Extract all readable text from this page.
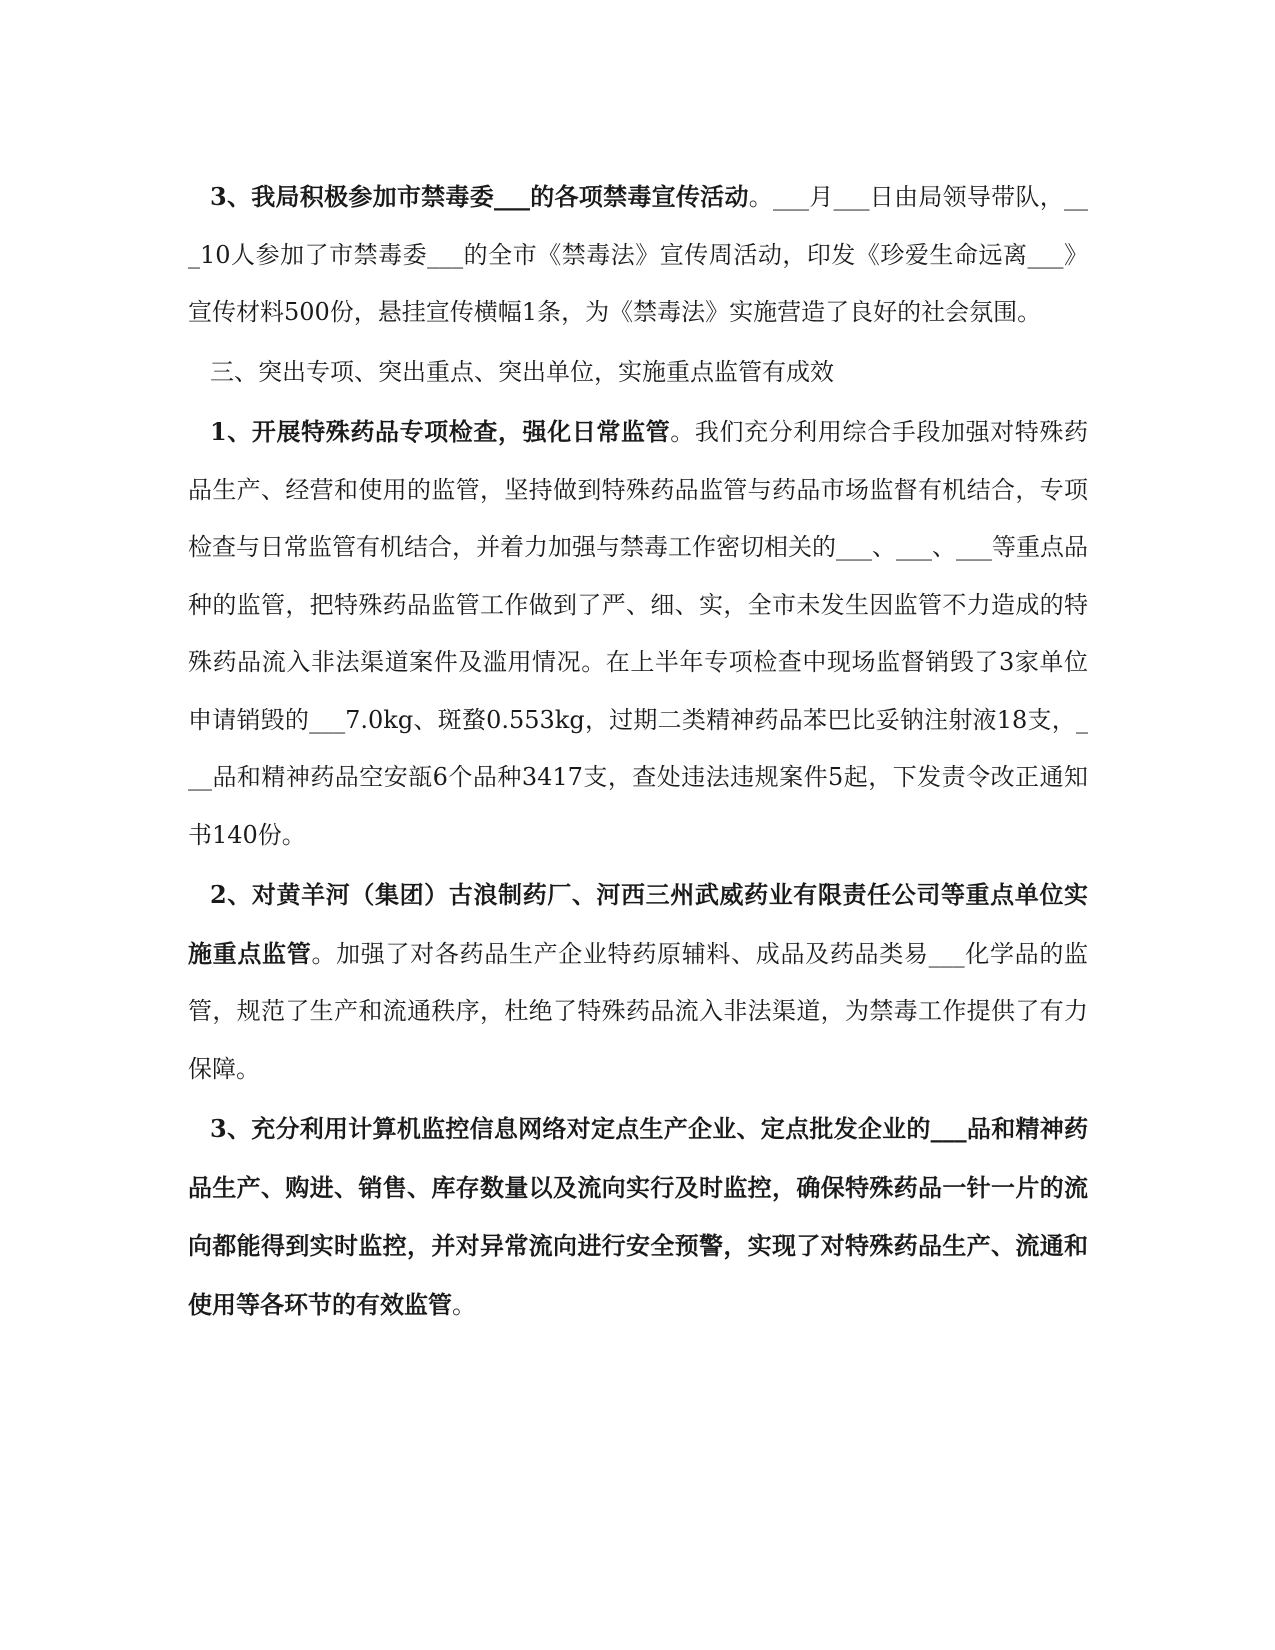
3、我局积极参加市禁毒委___的各项禁毒宣传活动。___月___日由局领导带队，___10人参加了市禁毒委___的全市《禁毒法》宣传周活动，印发《珍爱生命远离___》宣传材料500份，悬挂宣传横幅1条，为《禁毒法》实施营造了良好的社会氛围。

三、突出专项、突出重点、突出单位，实施重点监管有成效

1、开展特殊药品专项检查，强化日常监管。我们充分利用综合手段加强对特殊药品生产、经营和使用的监管，坚持做到特殊药品监管与药品市场监督有机结合，专项检查与日常监管有机结合，并着力加强与禁毒工作密切相关的___、___、___等重点品种的监管，把特殊药品监管工作做到了严、细、实，全市未发生因监管不力造成的特殊药品流入非法渠道案件及滥用情况。在上半年专项检查中现场监督销毁了3家单位申请销毁的___7.0kg、斑蝥0.553kg，过期二类精神药品苯巴比妥钠注射液18支，___品和精神药品空安瓿6个品种3417支，查处违法违规案件5起，下发责令改正通知书140份。

2、对黄羊河（集团）古浪制药厂、河西三州武威药业有限责任公司等重点单位实施重点监管。加强了对各药品生产企业特药原辅料、成品及药品类易___化学品的监管，规范了生产和流通秩序，杜绝了特殊药品流入非法渠道，为禁毒工作提供了有力保障。

3、充分利用计算机监控信息网络对定点生产企业、定点批发企业的___品和精神药品生产、购进、销售、库存数量以及流向实行及时监控，确保特殊药品一针一片的流向都能得到实时监控，并对异常流向进行安全预警，实现了对特殊药品生产、流通和使用等各环节的有效监管。
